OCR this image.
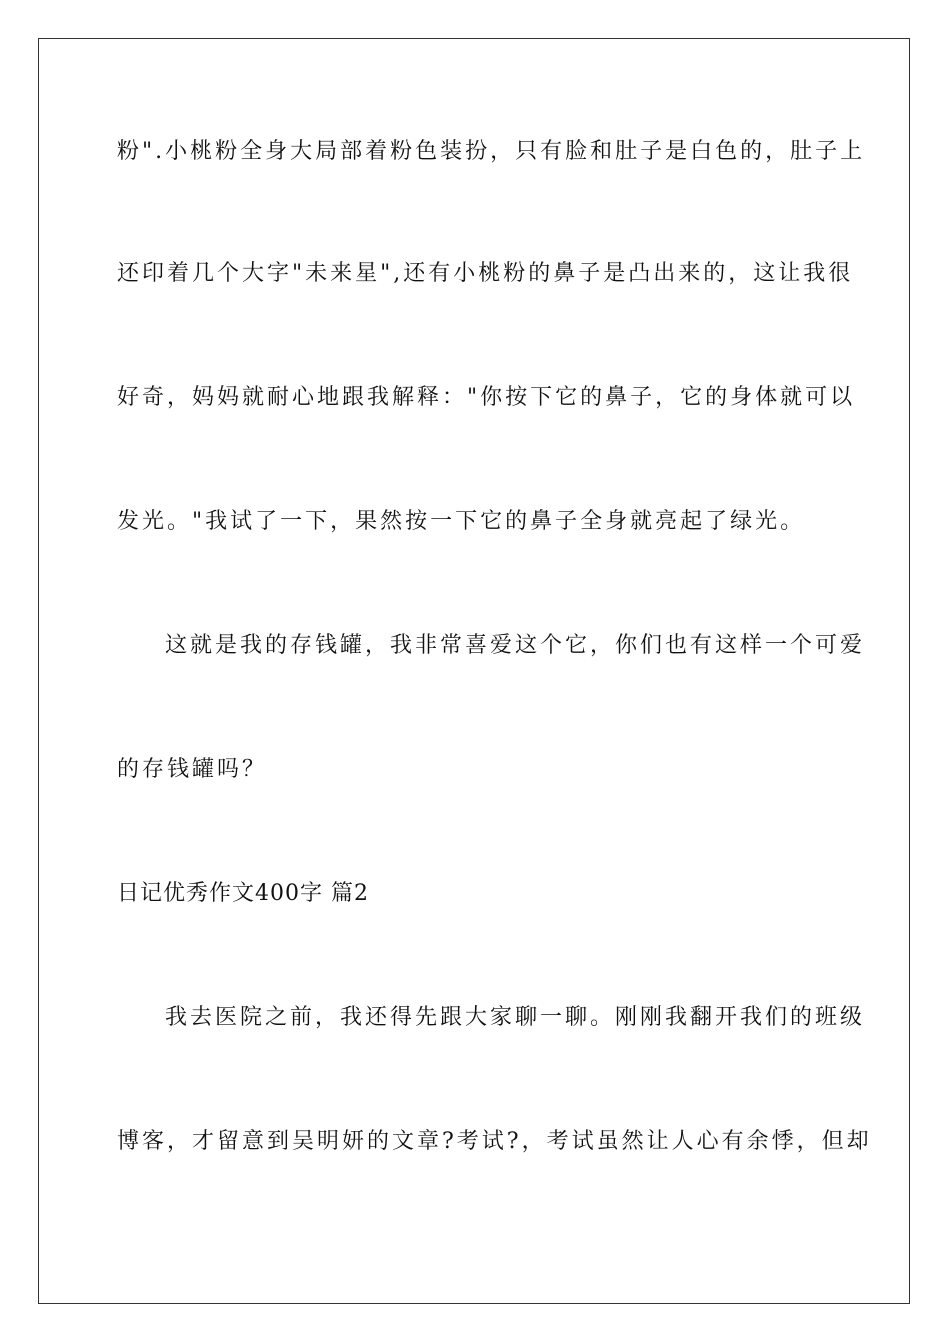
粉".小桃粉全身大局部着粉色装扮，只有脸和肚子是白色的，肚子上
还印着几个大字"未来星",还有小桃粉的鼻子是凸出来的，这让我很
好奇，妈妈就耐心地跟我解释："你按下它的鼻子，它的身体就可以
发光。"我试了一下，果然按一下它的鼻子全身就亮起了绿光。
这就是我的存钱罐，我非常喜爱这个它，你们也有这样一个可爱
的存钱罐吗？
日记优秀作文400字 篇2
我去医院之前，我还得先跟大家聊一聊。刚刚我翻开我们的班级
博客，才留意到吴明妍的文章?考试?，考试虽然让人心有余悸，但却
